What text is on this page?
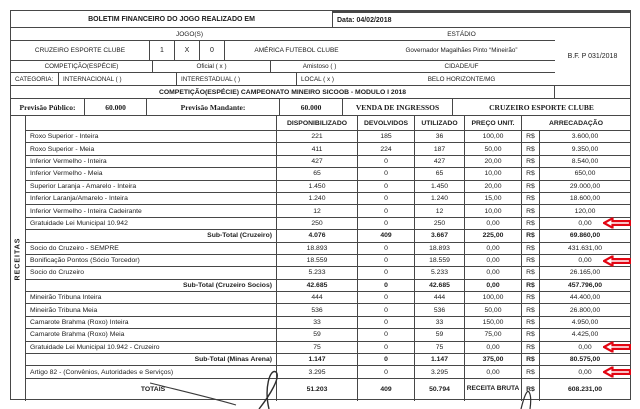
BOLETIM FINANCEIRO DO JOGO REALIZADO EM	Data: 04/02/2018
JOGO(S)
CRUZEIRO ESPORTE CLUBE	1	X	0	AMÉRICA FUTEBOL CLUBE
COMPETIÇÃO(ESPÉCIE)	Oficial ( x )	Amistoso ( )
CATEGORIA:	INTERNACIONAL ( )	INTERESTADUAL ( )	LOCAL ( x )
ESTÁDIO
Governador Magalhães Pinto “Mineirão”
CIDADE/UF
BELO HORIZONTE/MG
B.F. P 031/2018
COMPETIÇÃO(ESPÉCIE) CAMPEONATO MINEIRO SICOOB - MODULO I 2018
Previsão Público:	60.000	Previsão Mandante:	60.000	VENDA DE INGRESSOS	CRUZEIRO ESPORTE CLUBE
RECEITAS
DISPONIBILIZADO	DEVOLVIDOS	UTILIZADO	PREÇO UNIT.	ARRECADAÇÃO
Roxo Superior - Inteira	221	185	36	100,00	R$	3.600,00
Roxo Superior - Meia	411	224	187	50,00	R$	9.350,00
Inferior Vermelho - Inteira	427	0	427	20,00	R$	8.540,00
Inferior Vermelho - Meia	65	0	65	10,00	R$	650,00
Superior Laranja - Amarelo - Inteira	1.450	0	1.450	20,00	R$	29.000,00
Inferior Laranja/Amarelo - Inteira	1.240	0	1.240	15,00	R$	18.600,00
Inferior Vermelho - Inteira Cadeirante	12	0	12	10,00	R$	120,00
Gratuidade Lei Municipal 10.942	250	0	250	0,00	R$	0,00
Sub-Total (Cruzeiro)	4.076	409	3.667	225,00	R$	69.860,00
Socio do Cruzeiro - SEMPRE	18.893	0	18.893	0,00	R$	431.631,00
Bonificação Pontos (Sócio Torcedor)	18.559	0	18.559	0,00	R$	0,00
Socio do Cruzeiro	5.233	0	5.233	0,00	R$	26.165,00
Sub-Total (Cruzeiro Socios)	42.685	0	42.685	0,00	R$	457.796,00
Mineirão Tribuna Inteira	444	0	444	100,00	R$	44.400,00
Mineirão Tribuna Meia	536	0	536	50,00	R$	26.800,00
Camarote Brahma (Roxo) Inteira	33	0	33	150,00	R$	4.950,00
Camarote Brahma (Roxo) Meia	59	0	59	75,00	R$	4.425,00
Gratuidade Lei Municipal 10.942 - Cruzeiro	75	0	75	0,00	R$	0,00
Sub-Total (Minas Arena)	1.147	0	1.147	375,00	R$	80.575,00
Artigo 82 - (Convênios, Autoridades e Serviços)	3.295	0	3.295	0,00	R$	0,00
TOTAIS	51.203	409	50.794	RECEITA BRUTA	R$	608.231,00
